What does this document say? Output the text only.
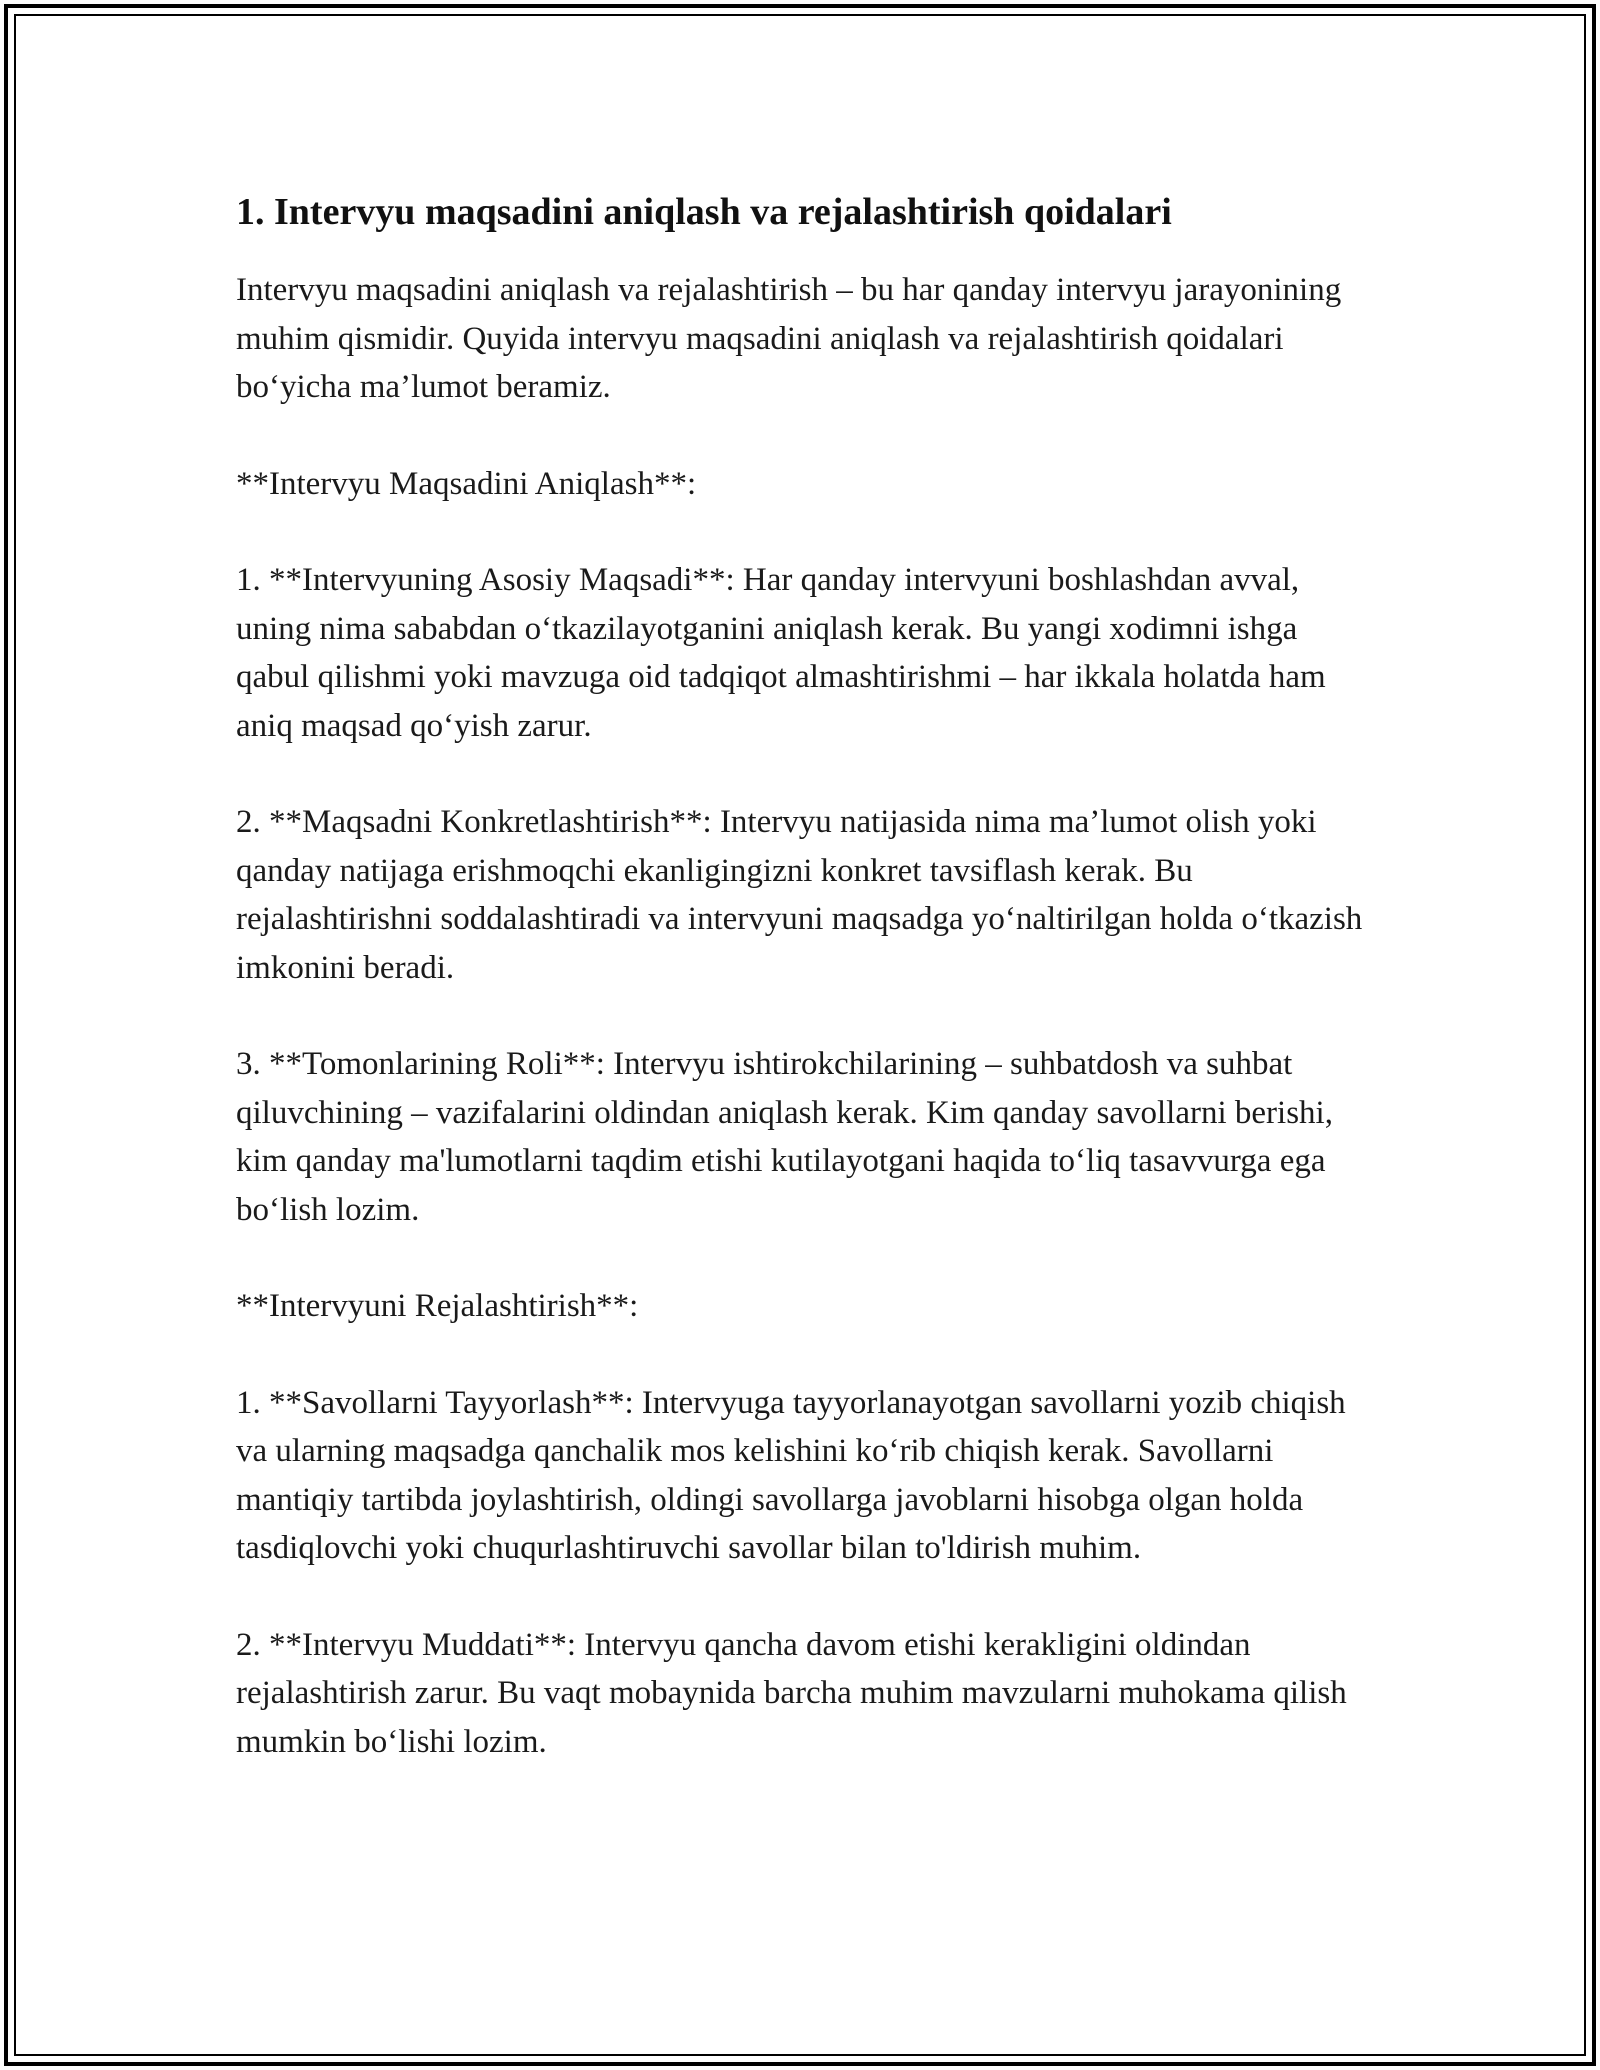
1. Intervyu maqsadini aniqlash va rejalashtirish qoidalari

Intervyu maqsadini aniqlash va rejalashtirish – bu har qanday intervyu jarayonining muhim qismidir. Quyida intervyu maqsadini aniqlash va rejalashtirish qoidalari bo‘yicha ma’lumot beramiz.

**Intervyu Maqsadini Aniqlash**:

1. **Intervyuning Asosiy Maqsadi**: Har qanday intervyuni boshlashdan avval, uning nima sababdan o‘tkazilayotganini aniqlash kerak. Bu yangi xodimni ishga qabul qilishmi yoki mavzuga oid tadqiqot almashtirishmi – har ikkala holatda ham aniq maqsad qo‘yish zarur.

2. **Maqsadni Konkretlashtirish**: Intervyu natijasida nima ma’lumot olish yoki qanday natijaga erishmoqchi ekanligingizni konkret tavsiflash kerak. Bu rejalashtirishni soddalashtiradi va intervyuni maqsadga yo‘naltirilgan holda o‘tkazish imkonini beradi.

3. **Tomonlarining Roli**: Intervyu ishtirokchilarining – suhbatdosh va suhbat qiluvchining – vazifalarini oldindan aniqlash kerak. Kim qanday savollarni berishi, kim qanday ma'lumotlarni taqdim etishi kutilayotgani haqida to‘liq tasavvurga ega bo‘lish lozim.

**Intervyuni Rejalashtirish**:

1. **Savollarni Tayyorlash**: Intervyuga tayyorlanayotgan savollarni yozib chiqish va ularning maqsadga qanchalik mos kelishini ko‘rib chiqish kerak. Savollarni mantiqiy tartibda joylashtirish, oldingi savollarga javoblarni hisobga olgan holda tasdiqlovchi yoki chuqurlashtiruvchi savollar bilan to'ldirish muhim.

2. **Intervyu Muddati**: Intervyu qancha davom etishi kerakligini oldindan rejalashtirish zarur. Bu vaqt mobaynida barcha muhim mavzularni muhokama qilish mumkin bo‘lishi lozim.
